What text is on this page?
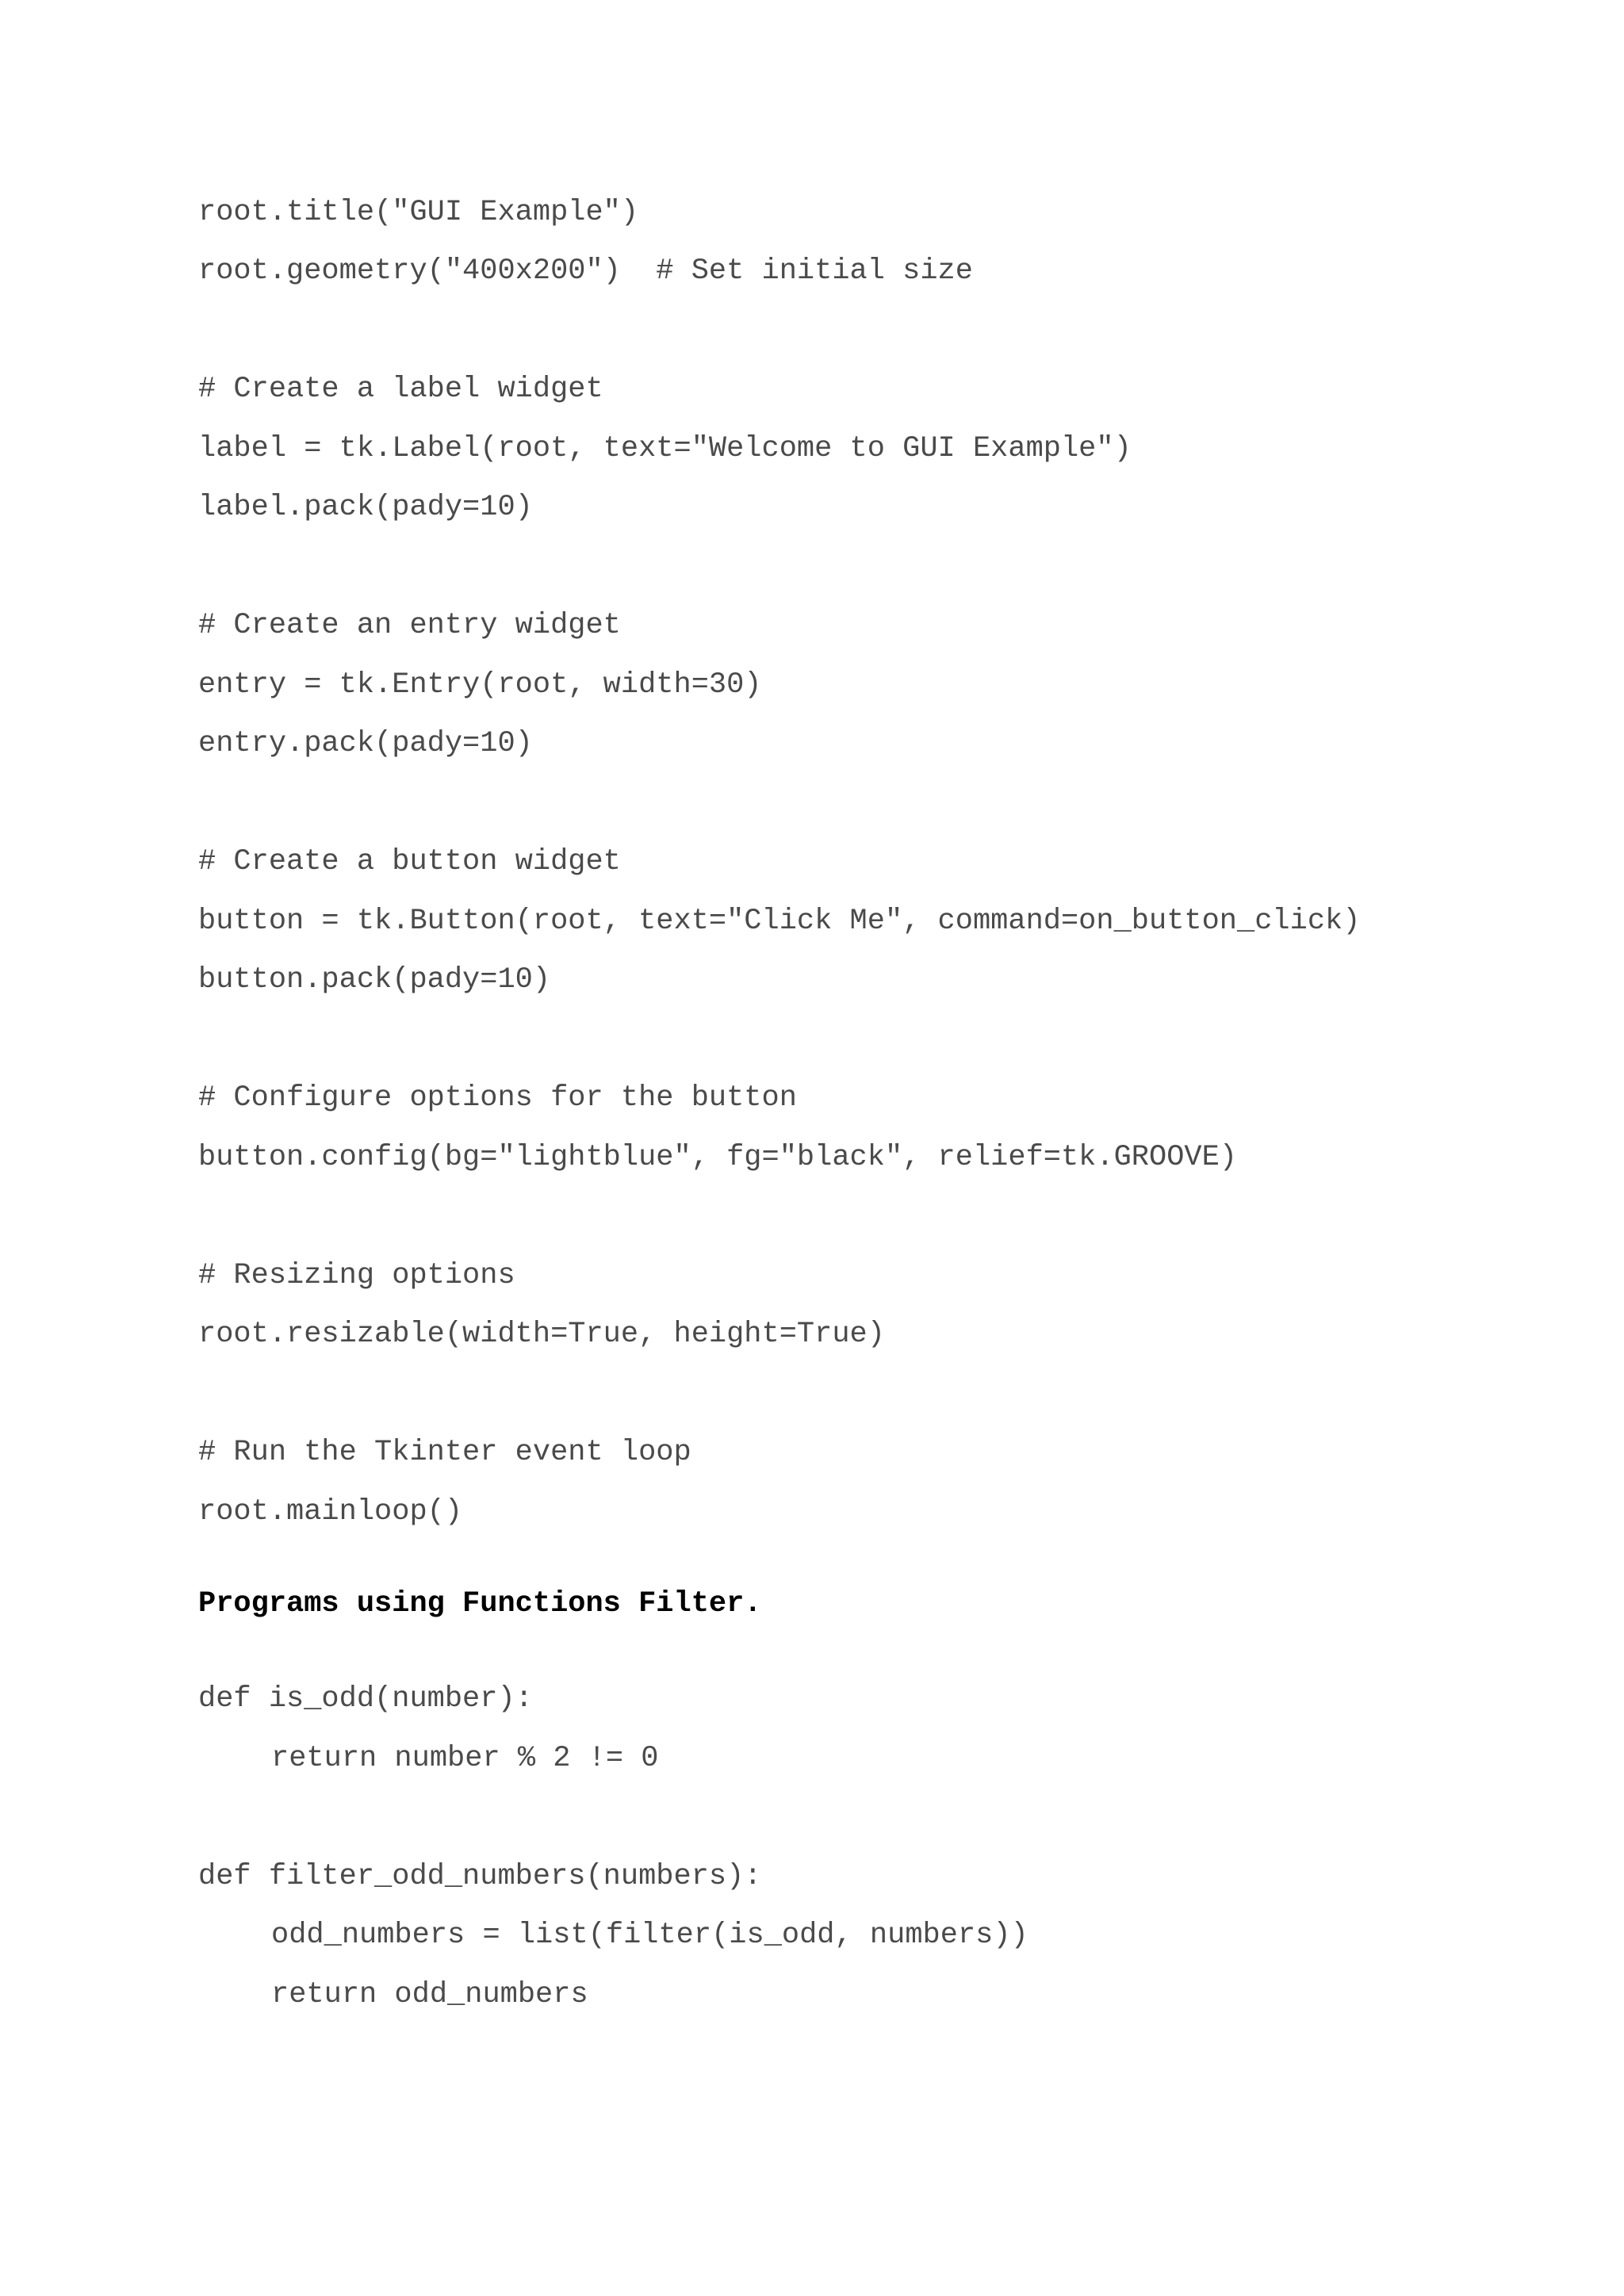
root.title("GUI Example")

root.geometry("400x200")  # Set initial size

# Create a label widget

label = tk.Label(root, text="Welcome to GUI Example")

label.pack(pady=10)

# Create an entry widget

entry = tk.Entry(root, width=30)

entry.pack(pady=10)

# Create a button widget

button = tk.Button(root, text="Click Me", command=on_button_click)

button.pack(pady=10)

# Configure options for the button

button.config(bg="lightblue", fg="black", relief=tk.GROOVE)

# Resizing options

root.resizable(width=True, height=True)

# Run the Tkinter event loop

root.mainloop()

Programs using Functions Filter.

def is_odd(number):

return number % 2 != 0

def filter_odd_numbers(numbers):

odd_numbers = list(filter(is_odd, numbers))

return odd_numbers
